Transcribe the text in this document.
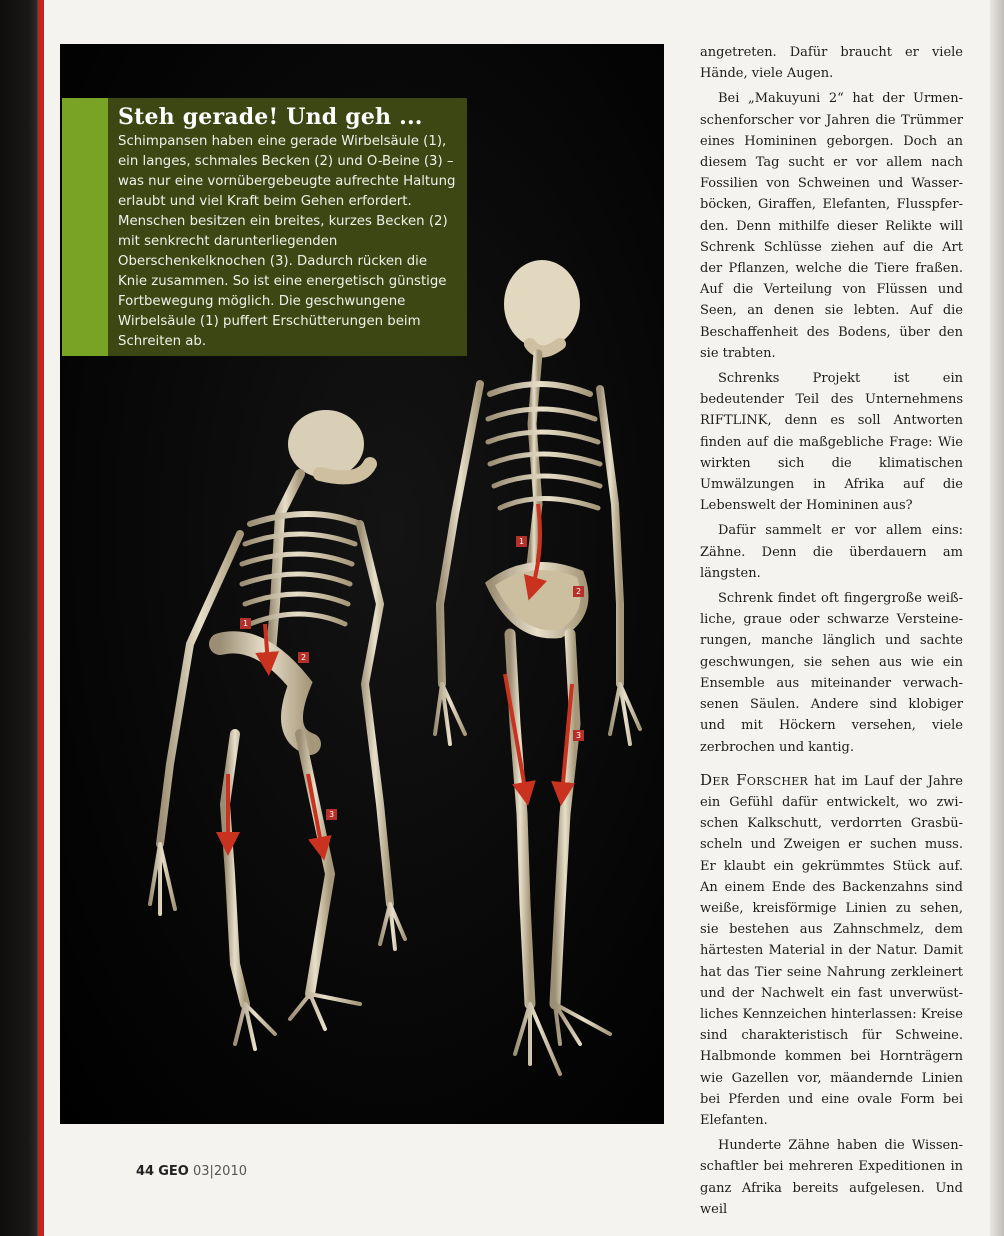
1
2
3
1
2
3
Steh gerade! Und geh ...

Schimpansen haben eine gerade Wirbelsäule (1), ein langes, schmales Becken (2) und O-Beine (3) – was nur eine vornübergebeugte aufrechte Haltung erlaubt und viel Kraft beim Gehen erfordert. Menschen besitzen ein breites, kurzes Becken (2) mit senkrecht darunterliegenden Oberschenkelknochen (3). Dadurch rücken die Knie zusammen. So ist eine energetisch günstige Fortbewegung möglich. Die geschwungene Wirbelsäule (1) puffert Erschütterungen beim Schreiten ab.

angetreten. Dafür braucht er viele Hände, viele Augen.

Bei „Makuyuni 2“ hat der Urmenschenforscher vor Jahren die Trümmer eines Homininen geborgen. Doch an diesem Tag sucht er vor allem nach Fossilien von Schweinen und Wasserböcken, Giraffen, Elefanten, Flusspferden. Denn mithilfe dieser Relikte will Schrenk Schlüsse ziehen auf die Art der Pflanzen, welche die Tiere fraßen. Auf die Verteilung von Flüssen und Seen, an denen sie lebten. Auf die Beschaffenheit des Bodens, über den sie trabten.

Schrenks Projekt ist ein bedeutender Teil des Unternehmens RIFTLINK, denn es soll Antworten finden auf die maßgebliche Frage: Wie wirkten sich die klimatischen Umwälzungen in Afrika auf die Lebenswelt der Homininen aus?

Dafür sammelt er vor allem eins: Zähne. Denn die überdauern am längsten.

Schrenk findet oft fingergroße weißliche, graue oder schwarze Versteinerungen, manche länglich und sachte geschwungen, sie sehen aus wie ein Ensemble aus miteinander verwachsenen Säulen. Andere sind klobiger und mit Höckern versehen, viele zerbrochen und kantig.

Der Forscher hat im Lauf der Jahre ein Gefühl dafür entwickelt, wo zwischen Kalkschutt, verdorrten Grasbüscheln und Zweigen er suchen muss. Er klaubt ein gekrümmtes Stück auf. An einem Ende des Backenzahns sind weiße, kreisförmige Linien zu sehen, sie bestehen aus Zahnschmelz, dem härtesten Material in der Natur. Damit hat das Tier seine Nahrung zerkleinert und der Nachwelt ein fast unverwüstliches Kennzeichen hinterlassen: Kreise sind charakteristisch für Schweine. Halbmonde kommen bei Hornträgern wie Gazellen vor, mäandernde Linien bei Pferden und eine ovale Form bei Elefanten.

Hunderte Zähne haben die Wissenschaftler bei mehreren Expeditionen in ganz Afrika bereits aufgelesen. Und weil

44 GEO 03|2010
